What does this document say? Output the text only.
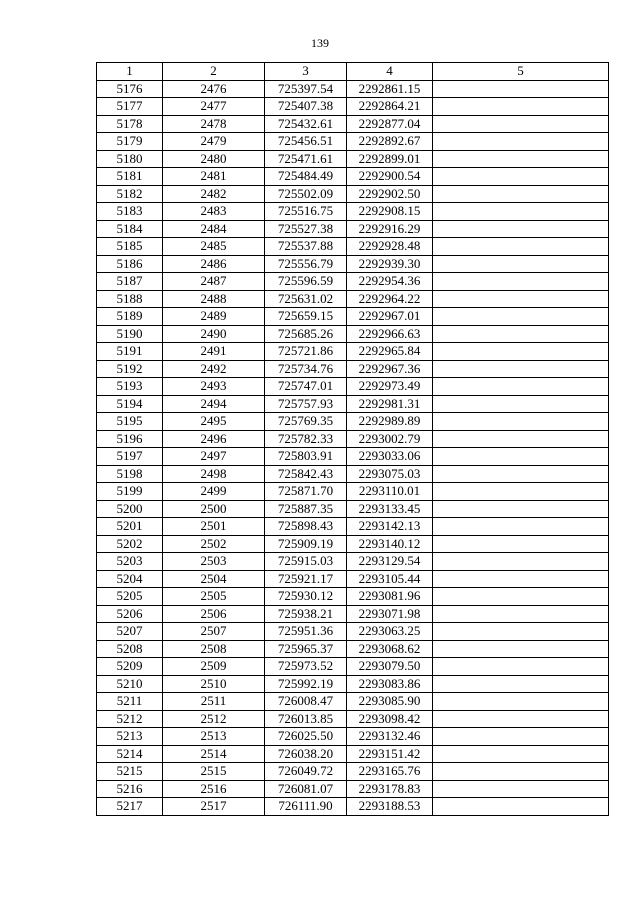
139
1	2	3	4	5
5176	2476	725397.54	2292861.15	
5177	2477	725407.38	2292864.21	
5178	2478	725432.61	2292877.04	
5179	2479	725456.51	2292892.67	
5180	2480	725471.61	2292899.01	
5181	2481	725484.49	2292900.54	
5182	2482	725502.09	2292902.50	
5183	2483	725516.75	2292908.15	
5184	2484	725527.38	2292916.29	
5185	2485	725537.88	2292928.48	
5186	2486	725556.79	2292939.30	
5187	2487	725596.59	2292954.36	
5188	2488	725631.02	2292964.22	
5189	2489	725659.15	2292967.01	
5190	2490	725685.26	2292966.63	
5191	2491	725721.86	2292965.84	
5192	2492	725734.76	2292967.36	
5193	2493	725747.01	2292973.49	
5194	2494	725757.93	2292981.31	
5195	2495	725769.35	2292989.89	
5196	2496	725782.33	2293002.79	
5197	2497	725803.91	2293033.06	
5198	2498	725842.43	2293075.03	
5199	2499	725871.70	2293110.01	
5200	2500	725887.35	2293133.45	
5201	2501	725898.43	2293142.13	
5202	2502	725909.19	2293140.12	
5203	2503	725915.03	2293129.54	
5204	2504	725921.17	2293105.44	
5205	2505	725930.12	2293081.96	
5206	2506	725938.21	2293071.98	
5207	2507	725951.36	2293063.25	
5208	2508	725965.37	2293068.62	
5209	2509	725973.52	2293079.50	
5210	2510	725992.19	2293083.86	
5211	2511	726008.47	2293085.90	
5212	2512	726013.85	2293098.42	
5213	2513	726025.50	2293132.46	
5214	2514	726038.20	2293151.42	
5215	2515	726049.72	2293165.76	
5216	2516	726081.07	2293178.83	
5217	2517	726111.90	2293188.53	
